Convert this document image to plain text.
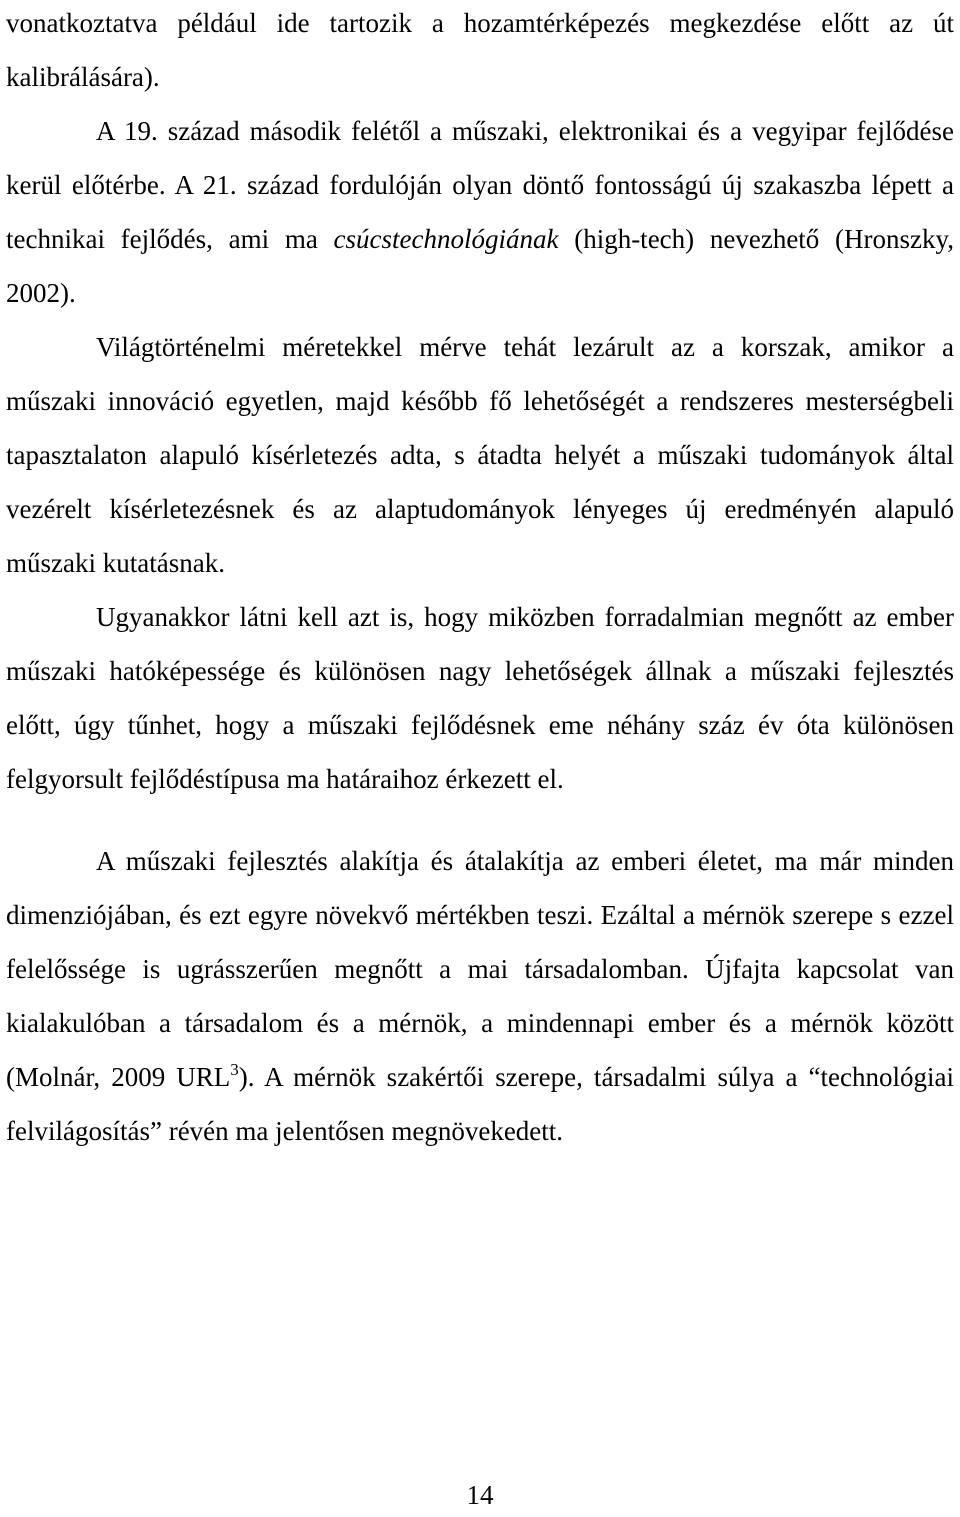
vonatkoztatva például ide tartozik a hozamtérképezés megkezdése előtt az út kalibrálására).

A 19. század második felétől a műszaki, elektronikai és a vegyipar fejlődése kerül előtérbe. A 21. század fordulóján olyan döntő fontosságú új szakaszba lépett a technikai fejlődés, ami ma csúcstechnológiának (high-tech) nevezhető (Hronszky, 2002).

Világtörténelmi méretekkel mérve tehát lezárult az a korszak, amikor a műszaki innováció egyetlen, majd később fő lehetőségét a rendszeres mesterségbeli tapasztalaton alapuló kísérletezés adta, s átadta helyét a műszaki tudományok által vezérelt kísérletezésnek és az alaptudományok lényeges új eredményén alapuló műszaki kutatásnak.

Ugyanakkor látni kell azt is, hogy miközben forradalmian megnőtt az ember műszaki hatóképessége és különösen nagy lehetőségek állnak a műszaki fejlesztés előtt, úgy tűnhet, hogy a műszaki fejlődésnek eme néhány száz év óta különösen felgyorsult fejlődéstípusa ma határaihoz érkezett el.

A műszaki fejlesztés alakítja és átalakítja az emberi életet, ma már minden dimenziójában, és ezt egyre növekvő mértékben teszi. Ezáltal a mérnök szerepe s ezzel felelőssége is ugrásszerűen megnőtt a mai társadalomban. Újfajta kapcsolat van kialakulóban a társadalom és a mérnök, a mindennapi ember és a mérnök között (Molnár, 2009 URL$^3$). A mérnök szakértői szerepe, társadalmi súlya a “technológiai felvilágosítás” révén ma jelentősen megnövekedett.

14
